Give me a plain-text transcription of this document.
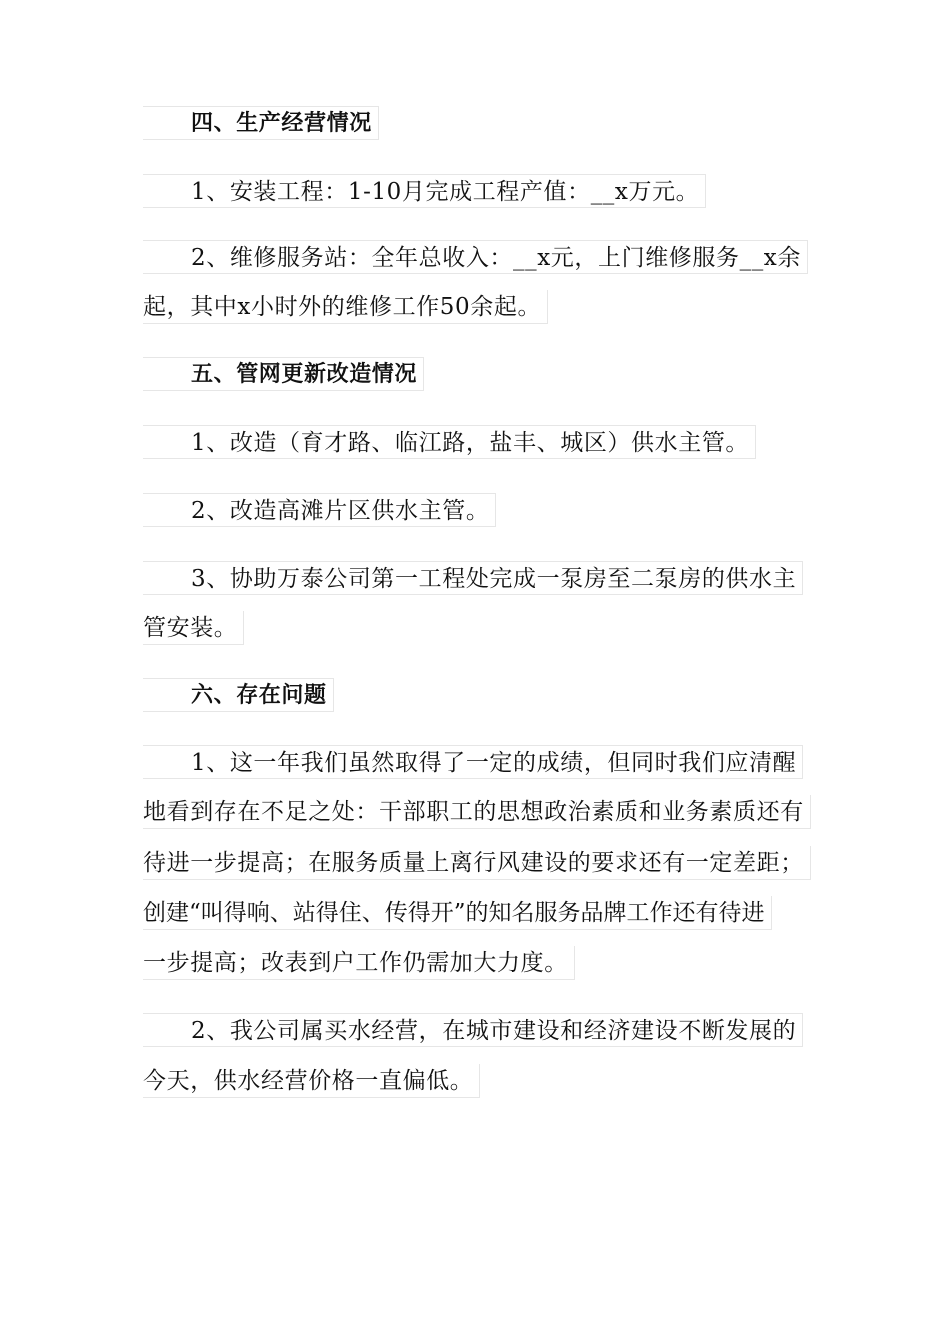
四、生产经营情况
1、安装工程：1-10月完成工程产值：__x万元。
2、维修服务站：全年总收入：__x元，上门维修服务__x余
起，其中x小时外的维修工作50余起。
五、管网更新改造情况
1、改造（育才路、临江路，盐丰、城区）供水主管。
2、改造高滩片区供水主管。
3、协助万泰公司第一工程处完成一泵房至二泵房的供水主
管安装。
六、存在问题
1、这一年我们虽然取得了一定的成绩，但同时我们应清醒
地看到存在不足之处：干部职工的思想政治素质和业务素质还有
待进一步提高；在服务质量上离行风建设的要求还有一定差距；
创建“叫得响、站得住、传得开”的知名服务品牌工作还有待进
一步提高；改表到户工作仍需加大力度。
2、我公司属买水经营，在城市建设和经济建设不断发展的
今天，供水经营价格一直偏低。
